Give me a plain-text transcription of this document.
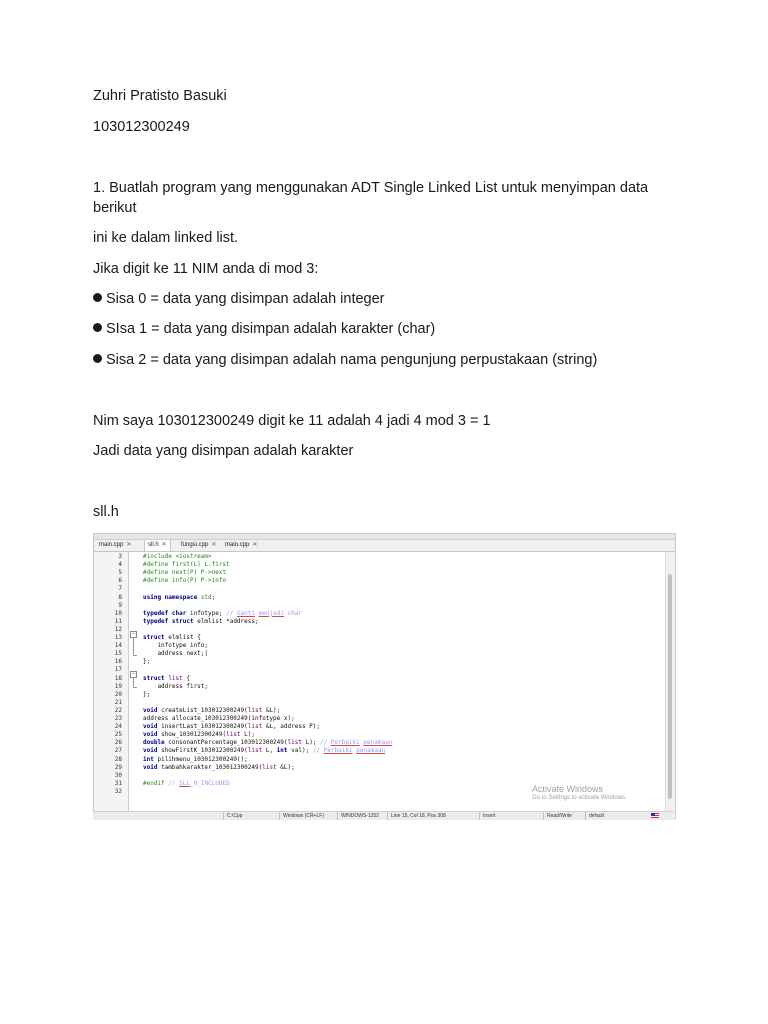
Zuhri Pratisto Basuki
103012300249
1. Buatlah program yang menggunakan ADT Single Linked List untuk menyimpan data berikut
ini ke dalam linked list.
Jika digit ke 11 NIM anda di mod 3:
Sisa 0 = data yang disimpan adalah integer
SIsa 1 = data yang disimpan adalah karakter (char)
Sisa 2 = data yang disimpan adalah nama pengunjung perpustakaan (string)
Nim saya 103012300249 digit ke 11 adalah 4 jadi 4 mod 3 = 1
Jadi data yang disimpan adalah karakter
sll.h
main.cpp ✕	sll.h ✕	fungsi.cpp ✕	main.cpp ✕
3
4
5
6
7
8
9
10
11
12
13
14
15
16
17
18
19
20
21
22
23
24
25
26
27
28
29
30
31
32
−
−
#include <iostream>
#define first(L) L.first
#define next(P) P->next
#define info(P) P->info
using namespace std;
typedef char infotype; // Ganti menjadi char
typedef struct elmlist *address;
struct elmlist {
infotype info;
address next;|
};
struct list {
address first;
};
void createList_103012300249(list &L);
address allocate_103012300249(infotype x);
void insertLast_103012300249(list &L, address P);
void show_103012300249(list L);
double consonantPercentage_103012300249(list L); // Perbaiki penamaan
void showFirstK_103012300249(list L, int val); // Perbaiki penamaan
int pilihmenu_103012300249();
void tambahkarakter_103012300249(list &L);
#endif // SLL_H_INCLUDED
Activate Windows
Go to Settings to activate Windows.
C:\Cpp	Windows (CR+LF)	WINDOWS-1252	Line 15, Col 18, Pos 308	Insert	Read/Write	default
